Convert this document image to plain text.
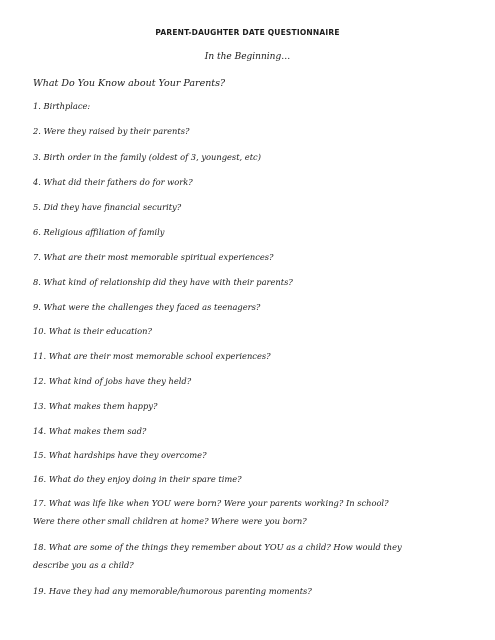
PARENT-DAUGHTER DATE QUESTIONNAIRE
In the Beginning…
What Do You Know about Your Parents?
1. Birthplace:
2. Were they raised by their parents?
3. Birth order in the family (oldest of 3, youngest, etc)
4. What did their fathers do for work?
5. Did they have financial security?
6. Religious affiliation of family
7. What are their most memorable spiritual experiences?
8. What kind of relationship did they have with their parents?
9. What were the challenges they faced as teenagers?
10. What is their education?
11. What are their most memorable school experiences?
12. What kind of jobs have they held?
13. What makes them happy?
14. What makes them sad?
15. What hardships have they overcome?
16. What do they enjoy doing in their spare time?
17. What was life like when YOU were born? Were your parents working? In school?
Were there other small children at home? Where were you born?
18. What are some of the things they remember about YOU as a child? How would they
describe you as a child?
19. Have they had any memorable/humorous parenting moments?
